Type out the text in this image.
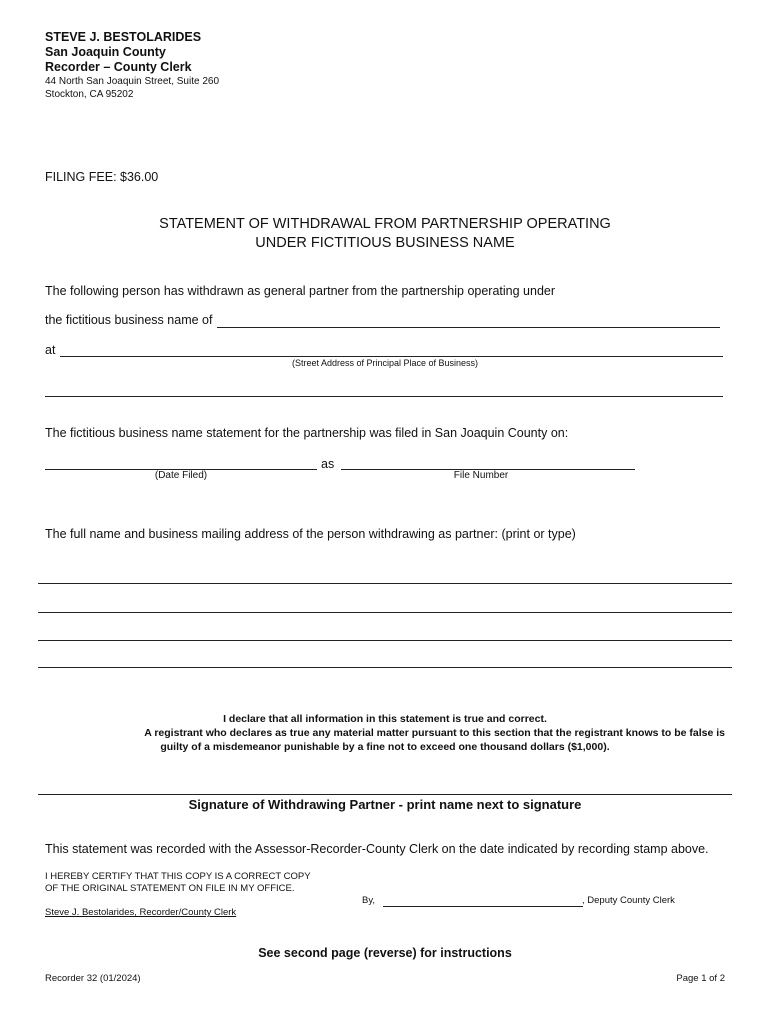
STEVE J. BESTOLARIDES
San Joaquin County
Recorder – County Clerk
44 North San Joaquin Street, Suite 260
Stockton, CA 95202
FILING FEE: $36.00
STATEMENT OF WITHDRAWAL FROM PARTNERSHIP OPERATING
UNDER FICTITIOUS BUSINESS NAME
The following person has withdrawn as general partner from the partnership operating under
the fictitious business name of
at
(Street Address of Principal Place of Business)
The fictitious business name statement for the partnership was filed in San Joaquin County on:
as
(Date Filed)	File Number
The full name and business mailing address of the person withdrawing as partner: (print or type)
I declare that all information in this statement is true and correct.
A registrant who declares as true any material matter pursuant to this section that the registrant knows to be false is
guilty of a misdemeanor punishable by a fine not to exceed one thousand dollars ($1,000).
Signature of Withdrawing Partner - print name next to signature
This statement was recorded with the Assessor-Recorder-County Clerk on the date indicated by recording stamp above.
I HEREBY CERTIFY THAT THIS COPY IS A CORRECT COPY
OF THE ORIGINAL STATEMENT ON FILE IN MY OFFICE.
Steve J. Bestolarides, Recorder/County Clerk
By,	, Deputy County Clerk
See second page (reverse) for instructions
Recorder 32 (01/2024)	Page 1 of 2
